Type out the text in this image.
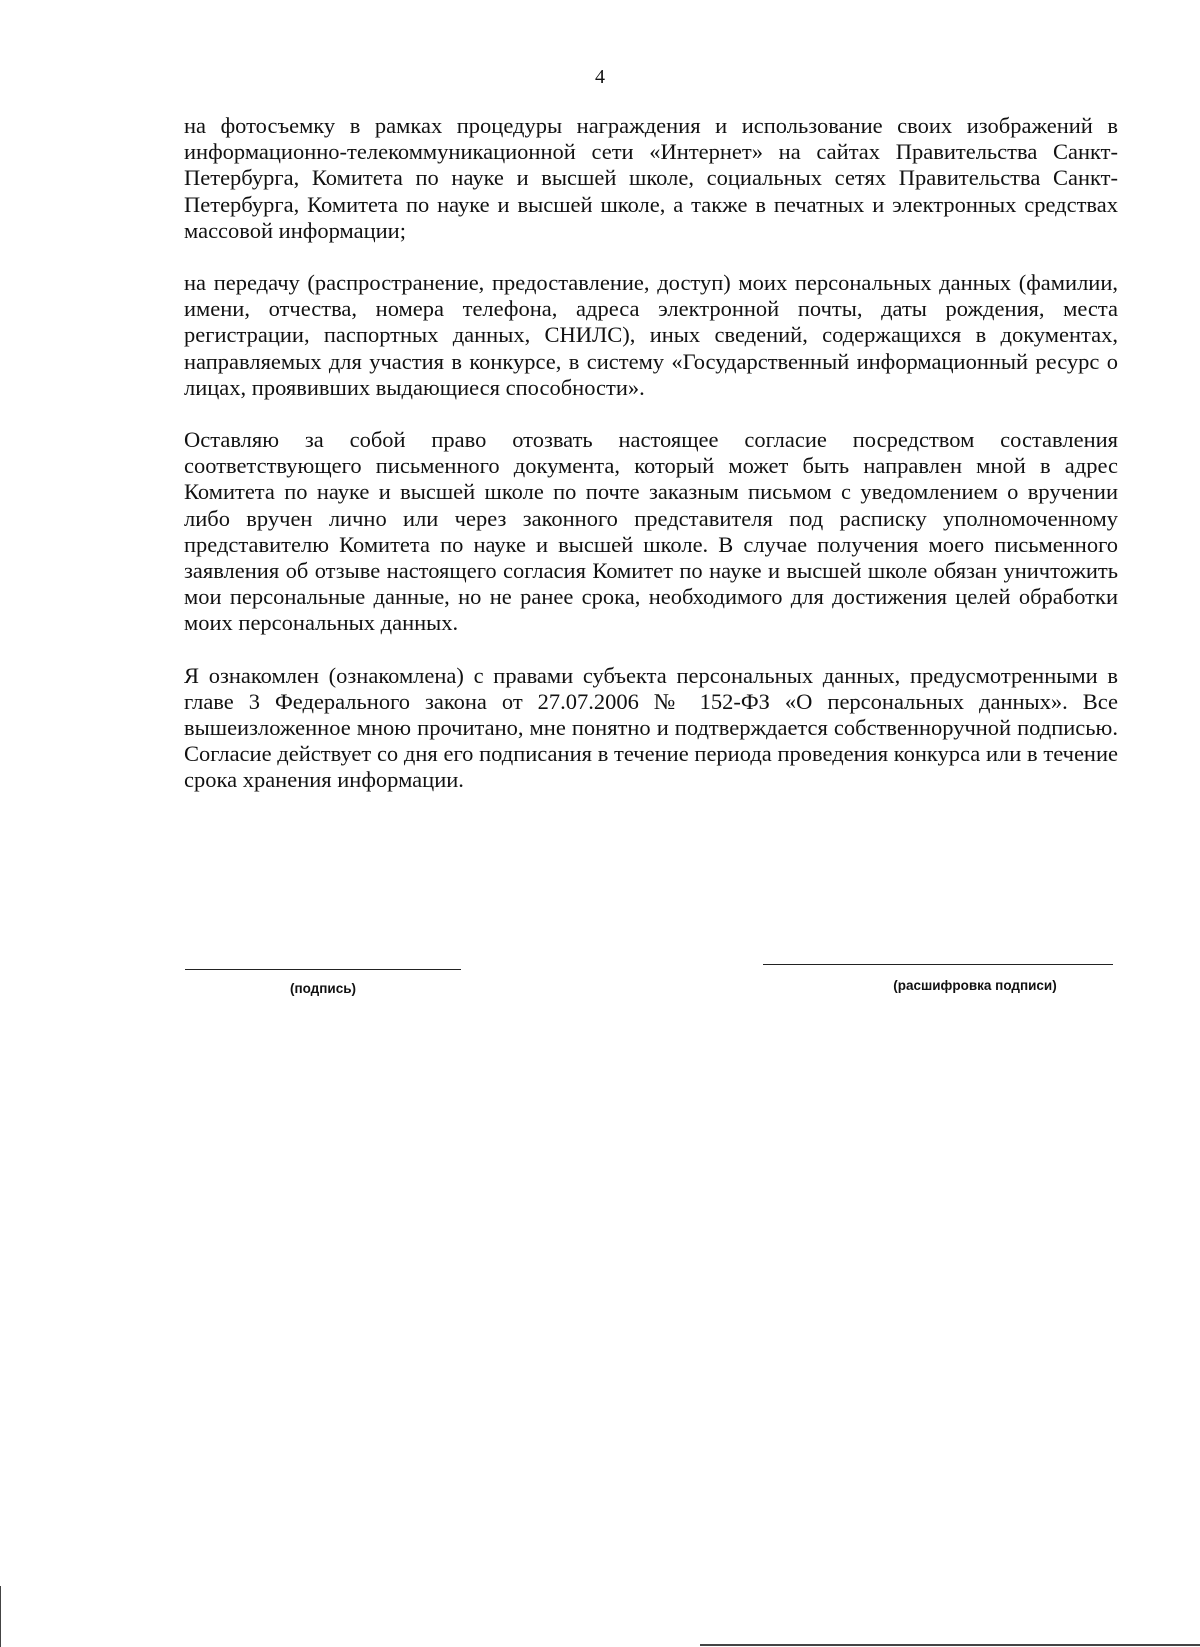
4

на фотосъемку в рамках процедуры награждения и использование своих изображений в информационно-телекоммуникационной сети «Интернет» на сайтах Правительства Санкт-Петербурга, Комитета по науке и высшей школе, социальных сетях Правительства Санкт-Петербурга, Комитета по науке и высшей школе, а также в печатных и электронных средствах массовой информации;

на передачу (распространение, предоставление, доступ) моих персональных данных (фамилии, имени, отчества, номера телефона, адреса электронной почты, даты рождения, места регистрации, паспортных данных, СНИЛС), иных сведений, содержащихся в документах, направляемых для участия в конкурсе, в систему «Государственный информационный ресурс о лицах, проявивших выдающиеся способности».

Оставляю за собой право отозвать настоящее согласие посредством составления соответствующего письменного документа, который может быть направлен мной в адрес Комитета по науке и высшей школе по почте заказным письмом с уведомлением о вручении либо вручен лично или через законного представителя под расписку уполномоченному представителю Комитета по науке и высшей школе. В случае получения моего письменного заявления об отзыве настоящего согласия Комитет по науке и высшей школе обязан уничтожить мои персональные данные, но не ранее срока, необходимого для достижения целей обработки моих персональных данных.

Я ознакомлен (ознакомлена) с правами субъекта персональных данных, предусмотренными в главе 3 Федерального закона от 27.07.2006 № 152-ФЗ «О персональных данных». Все вышеизложенное мною прочитано, мне понятно и подтверждается собственноручной подписью. Согласие действует со дня его подписания в течение периода проведения конкурса или в течение срока хранения информации.

(подпись)	(расшифровка подписи)
